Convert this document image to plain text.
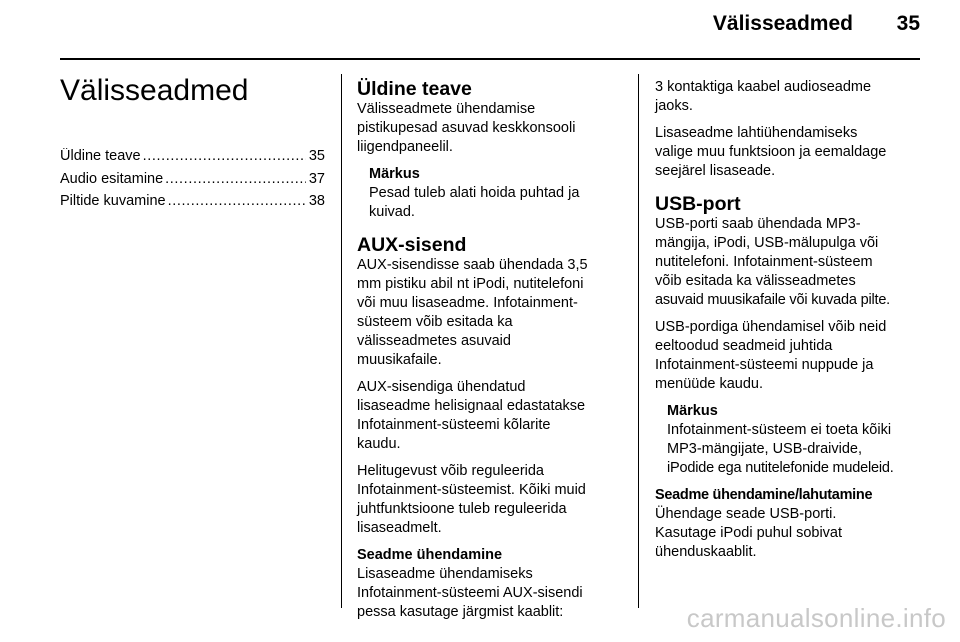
Välisseadmed 35
Välisseadmed
Üldine teave .....	35
Audio esitamine .....	37
Piltide kuvamine .....	38
Üldine teave

Välisseadmete ühendamise
pistikupesad asuvad keskkonsooli
liigendpaneelil.

Märkus
Pesad tuleb alati hoida puhtad ja
kuivad.
AUX-sisend

AUX-sisendisse saab ühendada 3,5
mm pistiku abil nt iPodi, nutitelefoni
või muu lisaseadme. Infotainment-
süsteem võib esitada ka
välisseadmetes asuvaid
muusikafaile.

AUX-sisendiga ühendatud
lisaseadme helisignaal edastatakse
Infotainment-süsteemi kõlarite
kaudu.

Helitugevust võib reguleerida
Infotainment-süsteemist. Kõiki muid
juhtfunktsioone tuleb reguleerida
lisaseadmelt.

Seadme ühendamine

Lisaseadme ühendamiseks
Infotainment-süsteemi AUX-sisendi
pessa kasutage järgmist kaablit:

3 kontaktiga kaabel audioseadme
jaoks.

Lisaseadme lahtiühendamiseks
valige muu funktsioon ja eemaldage
seejärel lisaseade.

USB-port

USB-porti saab ühendada MP3-
mängija, iPodi, USB-mälupulga või
nutitelefoni. Infotainment-süsteem
võib esitada ka välisseadmetes
asuvaid muusikafaile või kuvada pilte.

USB-pordiga ühendamisel võib neid
eeltoodud seadmeid juhtida
Infotainment-süsteemi nuppude ja
menüüde kaudu.

Märkus
Infotainment-süsteem ei toeta kõiki
MP3-mängijate, USB-draivide,
iPodide ega nutitelefonide mudeleid.
Seadme ühendamine/lahutamine

Ühendage seade USB-porti.
Kasutage iPodi puhul sobivat
ühenduskaablit.

carmanualsonline.info
